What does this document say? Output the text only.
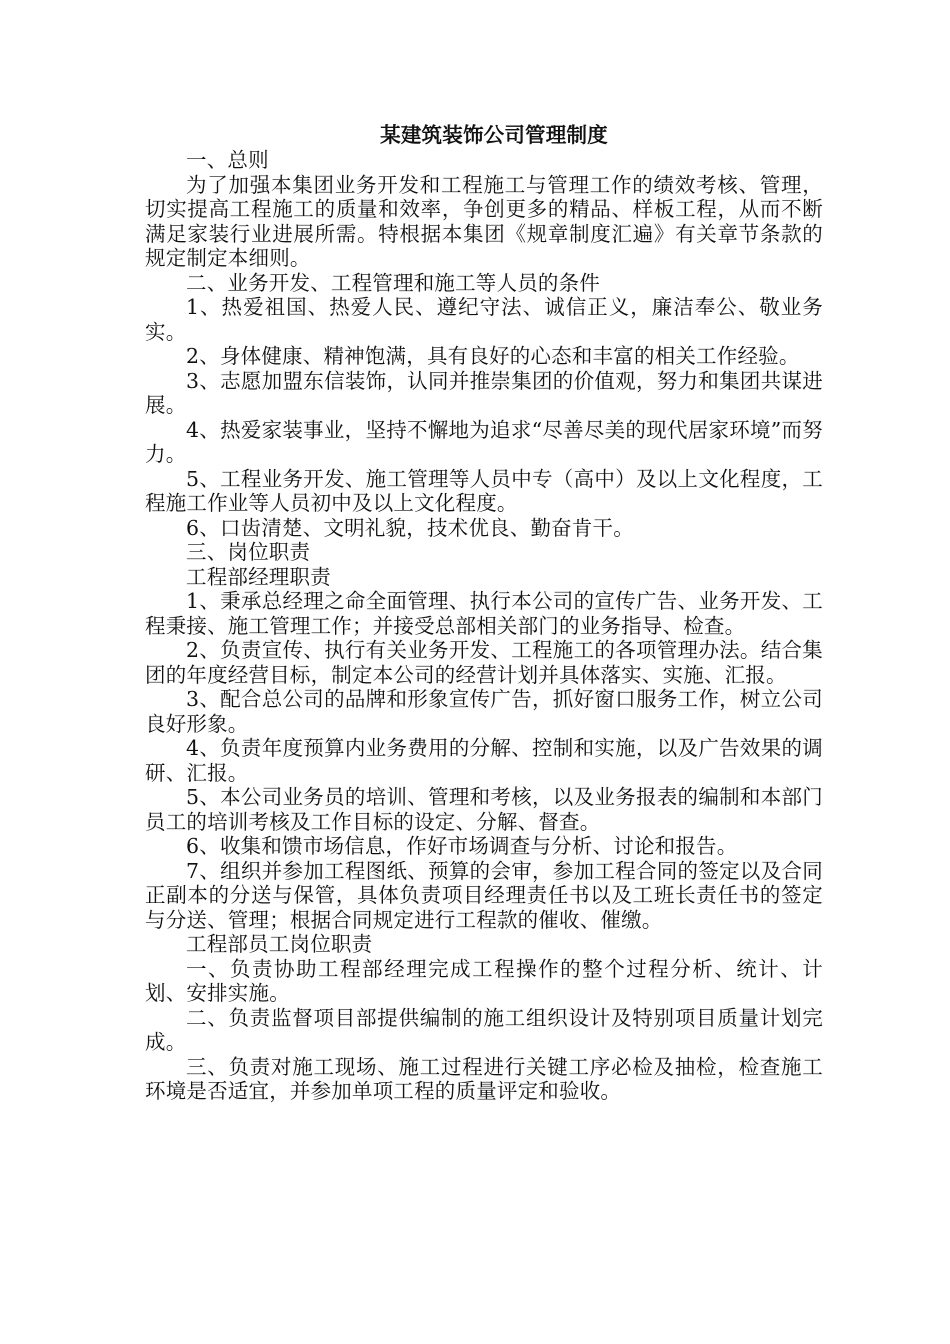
某建筑装饰公司管理制度

一、总则

为了加强本集团业务开发和工程施工与管理工作的绩效考核、管理，切实提高工程施工的质量和效率，争创更多的精品、样板工程，从而不断满足家装行业进展所需。特根据本集团《规章制度汇遍》有关章节条款的规定制定本细则。

二、业务开发、工程管理和施工等人员的条件

1、热爱祖国、热爱人民、遵纪守法、诚信正义，廉洁奉公、敬业务实。

2、身体健康、精神饱满，具有良好的心态和丰富的相关工作经验。

3、志愿加盟东信装饰，认同并推崇集团的价值观，努力和集团共谋进展。

4、热爱家装事业，坚持不懈地为追求“尽善尽美的现代居家环境”而努力。

5、工程业务开发、施工管理等人员中专（高中）及以上文化程度，工程施工作业等人员初中及以上文化程度。

6、口齿清楚、文明礼貌，技术优良、勤奋肯干。

三、岗位职责

工程部经理职责

1、秉承总经理之命全面管理、执行本公司的宣传广告、业务开发、工程秉接、施工管理工作；并接受总部相关部门的业务指导、检查。

2、负责宣传、执行有关业务开发、工程施工的各项管理办法。结合集团的年度经营目标，制定本公司的经营计划并具体落实、实施、汇报。

3、配合总公司的品牌和形象宣传广告，抓好窗口服务工作，树立公司良好形象。

4、负责年度预算内业务费用的分解、控制和实施，以及广告效果的调研、汇报。

5、本公司业务员的培训、管理和考核，以及业务报表的编制和本部门员工的培训考核及工作目标的设定、分解、督查。

6、收集和馈市场信息，作好市场调查与分析、讨论和报告。

7、组织并参加工程图纸、预算的会审，参加工程合同的签定以及合同正副本的分送与保管，具体负责项目经理责任书以及工班长责任书的签定与分送、管理；根据合同规定进行工程款的催收、催缴。

工程部员工岗位职责

一、负责协助工程部经理完成工程操作的整个过程分析、统计、计划、安排实施。

二、负责监督项目部提供编制的施工组织设计及特别项目质量计划完成。

三、负责对施工现场、施工过程进行关键工序必检及抽检，检查施工环境是否适宜，并参加单项工程的质量评定和验收。
